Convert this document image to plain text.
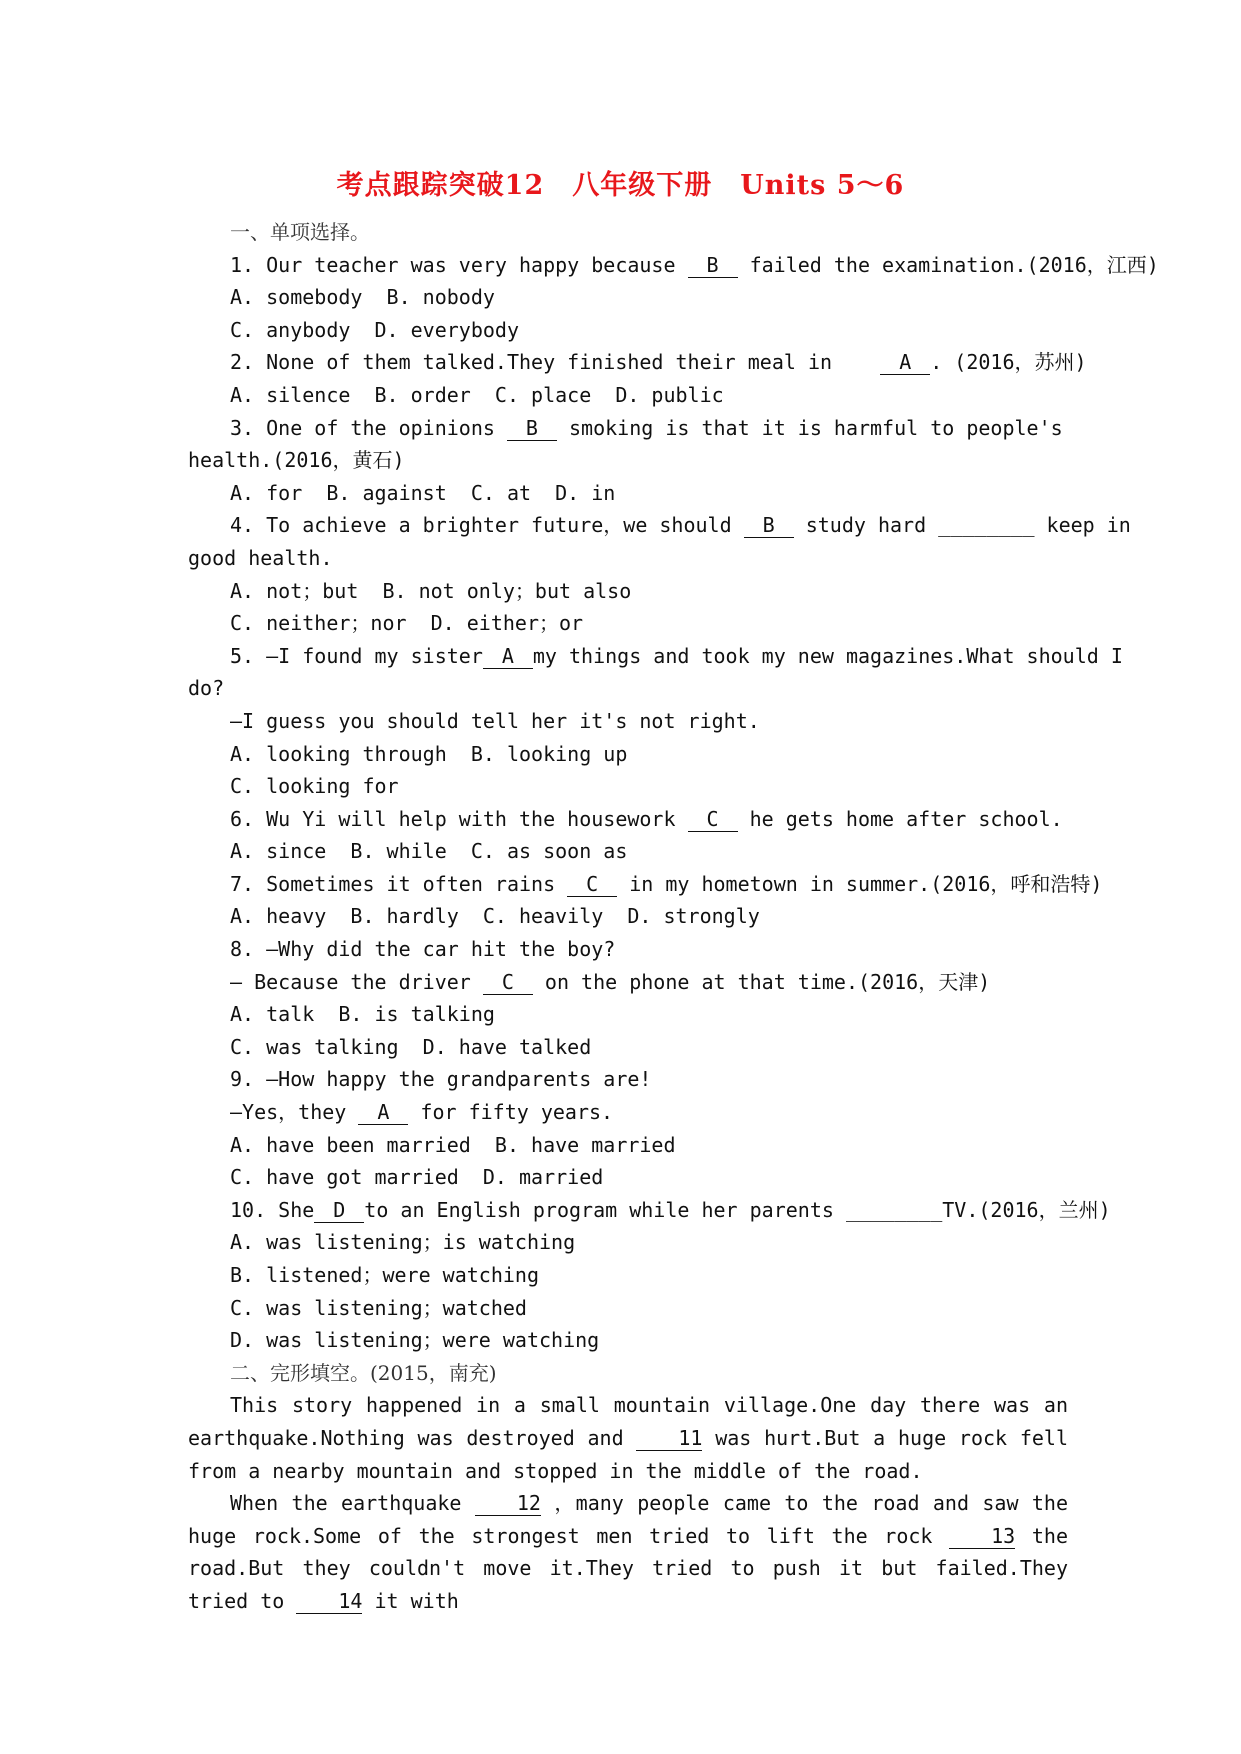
考点跟踪突破12　八年级下册　Units 5～6
一、单项选择。
1. Our teacher was very happy because B failed the examination.(2016，江西)
A. somebody  B. nobody
C. anybody  D. everybody
2. None of them talked.They finished their meal in    A . (2016，苏州)
A. silence  B. order  C. place  D. public
3. One of the opinions B smoking is that it is harmful to people's
health.(2016，黄石)
A. for  B. against  C. at  D. in
4. To achieve a brighter future，we should B study hard ________ keep in
good health.
A. not；but  B. not only；but also
C. neither；nor  D. either；or
5. —I found my sister A my things and took my new magazines.What should I
do?
—I guess you should tell her it's not right.
A. looking through  B. looking up
C. looking for
6. Wu Yi will help with the housework C he gets home after school.
A. since  B. while  C. as soon as
7. Sometimes it often rains C in my hometown in summer.(2016，呼和浩特)
A. heavy  B. hardly  C. heavily  D. strongly
8. —Why did the car hit the boy?
— Because the driver C on the phone at that time.(2016，天津)
A. talk  B. is talking
C. was talking  D. have talked
9. —How happy the grandparents are!
—Yes，they A for fifty years.
A. have been married  B. have married
C. have got married  D. married
10. She D to an English program while her parents ________TV.(2016，兰州)
A. was listening；is watching
B. listened；were watching
C. was listening；watched
D. was listening；were watching
二、完形填空。(2015，南充)
This story happened in a small mountain village.One day there was an earthquake.Nothing was destroyed and 11 was hurt.But a huge rock fell from a nearby mountain and stopped in the middle of the road.
When the earthquake 12 ，many people came to the road and saw the huge rock.Some of the strongest men tried to lift the rock 13 the road.But they couldn't move it.They tried to push it but failed.They tried to 14 it with
